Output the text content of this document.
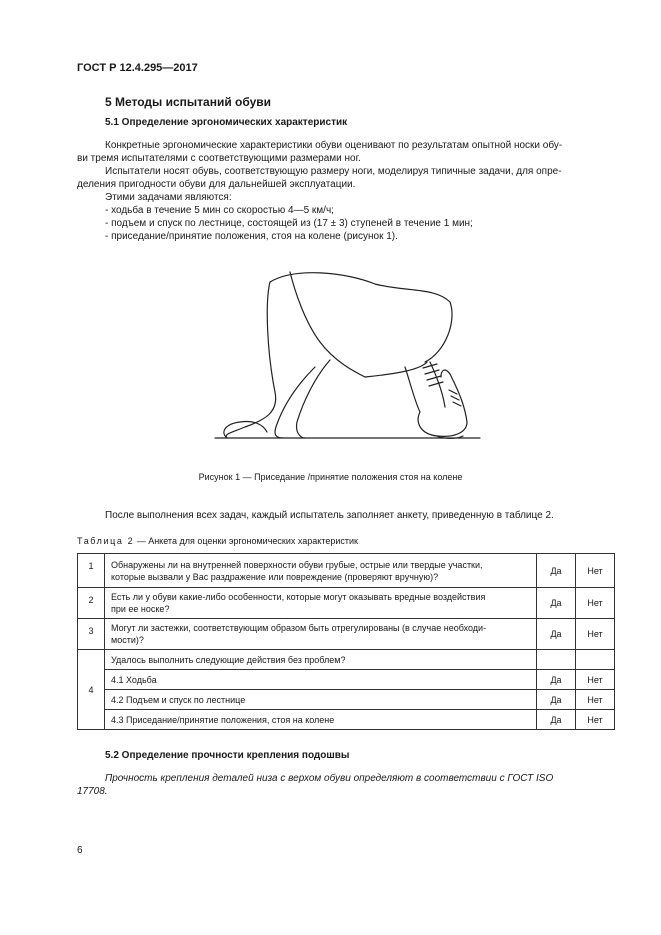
ГОСТ Р 12.4.295—2017
5 Методы испытаний обуви
5.1 Определение эргономических характеристик
Конкретные эргономические характеристики обуви оценивают по результатам опытной носки обу-
ви тремя испытателями с соответствующими размерами ног.
Испытатели носят обувь, соответствующую размеру ноги, моделируя типичные задачи, для опре-
деления пригодности обуви для дальнейшей эксплуатации.
Этими задачами являются:
- ходьба в течение 5 мин со скоростью 4—5 км/ч;
- подъем и спуск по лестнице, состоящей из (17 ± 3) ступеней в течение 1 мин;
- приседание/принятие положения, стоя на колене (рисунок 1).
Рисунок 1 — Приседание /принятие положения стоя на колене
После выполнения всех задач, каждый испытатель заполняет анкету, приведенную в таблице 2.
Таблица 2 — Анкета для оценки эргономических характеристик
1	Обнаружены ли на внутренней поверхности обуви грубые, острые или твердые участки,
которые вызвали у Вас раздражение или повреждение (проверяют вручную)?	Да	Нет
2	Есть ли у обуви какие-либо особенности, которые могут оказывать вредные воздействия
при ее носке?	Да	Нет
3	Могут ли застежки, соответствующим образом быть отрегулированы (в случае необходи-
мости)?	Да	Нет
4	Удалось выполнить следующие действия без проблем?		
	4.1 Ходьба	Да	Нет
	4.2 Подъем и спуск по лестнице	Да	Нет
	4.3 Приседание/принятие положения, стоя на колене	Да	Нет
5.2 Определение прочности крепления подошвы
Прочность крепления деталей низа с верхом обуви определяют в соответствии с ГОСТ ISO
17708.
6
